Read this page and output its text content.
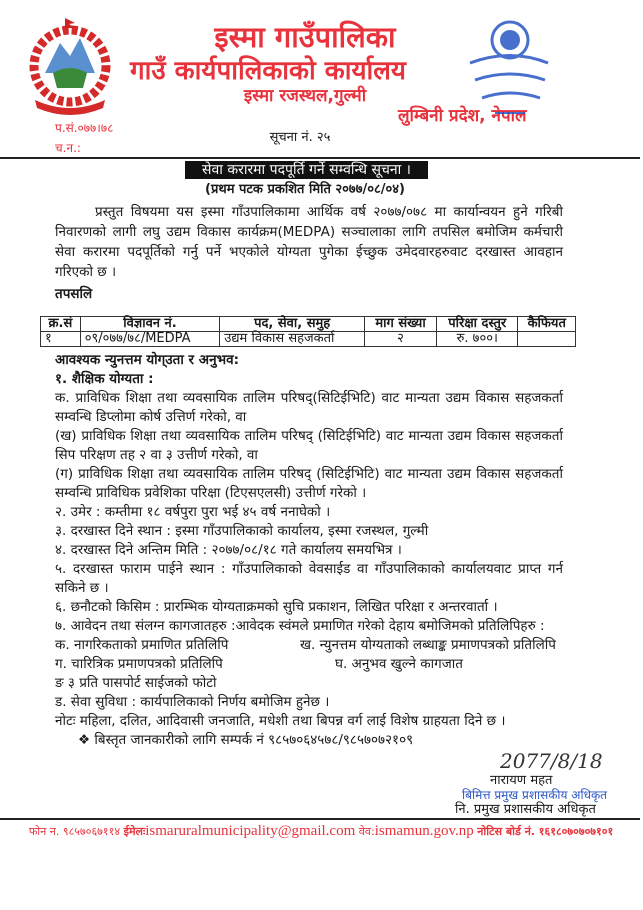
इस्मा गाउँपालिका
गाउँ कार्यपालिकाको कार्यालय
इस्मा रजस्थल,गुल्मी
लुम्बिनी प्रदेश, नेपाल
प.सं.०७७।७८
च.न.:
सूचना नं. २५
सेवा करारमा पदपूर्ति गर्ने सम्वन्धि सूचना ।
(प्रथम पटक प्रकशित मिति २०७७/०८/०४)
प्रस्तुत विषयमा यस इस्मा गाँउपालिकामा आर्थिक वर्ष २०७७/०७८ मा कार्यान्वयन हुने गरिबी निवारणको लागी लघु उद्यम विकास कार्यक्रम(MEDPA) सञ्चालाका लागि तपसिल बमोजिम कर्मचारी सेवा करारमा पदपूर्तिको गर्नु पर्ने भएकोले योग्यता पुगेका ईच्छुक उमेदवारहरुवाट दरखास्त आवहान गरिएको छ ।
तपसलि
क्र.सं	विज्ञावन नं.	पद, सेवा, समुह	माग संख्या	परिक्षा दस्तुर	कैफियत
१	०९/०७७/७८/MEDPA	उद्यम विकास सहजकर्ता	२	रु. ७००।	
आवश्यक न्युनत्तम योग्उता र अनुभव:
१. शैक्षिक योग्यता :
क. प्राविधिक शिक्षा तथा व्यवसायिक तालिम परिषद्(सिटिईभिटि) वाट मान्यता उद्यम विकास सहजकर्ता सम्वन्धि डिप्लोमा कोर्ष उत्तिर्ण गरेको, वा
(ख) प्राविधिक शिक्षा तथा व्यवसायिक तालिम परिषद् (सिटिईभिटि) वाट मान्यता उद्यम विकास सहजकर्ता सिप परिक्षण तह २ वा ३ उत्तीर्ण गरेको, वा
(ग) प्राविधिक शिक्षा तथा व्यवसायिक तालिम परिषद् (सिटिईभिटि) वाट मान्यता उद्यम विकास सहजकर्ता सम्वन्धि प्राविधिक प्रवेशिका परिक्षा (टिएसएलसी) उत्तीर्ण गरेको ।
२. उमेर : कम्तीमा १८ वर्षपुरा पुरा भई ४५ वर्ष ननाघेको ।
३. दरखास्त दिने स्थान : इस्मा गाँउपालिकाको कार्यालय, इस्मा रजस्थल, गुल्मी
४. दरखास्त दिने अन्तिम मिति : २०७७/०८/१८ गते कार्यालय समयभित्र ।
५. दरखास्त फाराम पाईने स्थान : गाँउपालिकाको वेवसाईड वा गाँउपालिकाको कार्यालयवाट प्राप्त गर्न सकिने छ ।
६. छनौटको किसिम : प्रारम्भिक योग्यताक्रमको सुचि प्रकाशन, लिखित परिक्षा र अन्तरवार्ता ।
७. आवेदन तथा संलग्न कागजातहरु :आवेदक स्वंमले प्रमाणित गरेको देहाय बमोजिमको प्रतिलिपिहरु :
क. नागरिकताको प्रमाणित प्रतिलिपि	ख. न्युनत्तम योग्यताको लब्धाङ्क प्रमाणपत्रको प्रतिलिपि
ग. चारित्रिक प्रमाणपत्रको प्रतिलिपि	घ. अनुभव खुल्ने कागजात
ङ ३ प्रति पासपोर्ट साईजको फोटो
ड. सेवा सुविधा : कार्यपालिकाको निर्णय बमोजिम हुनेछ ।
नोटः महिला, दलित, आदिवासी जनजाति, मधेशी तथा बिपन्न वर्ग लाई विशेष ग्राहयता दिने छ ।
❖ बिस्तृत जानकारीको लागि सम्पर्क नं ९८५७०६४५७८/९८५७०७२१०९
2077/8/18
नारायण महत
बिमित्त प्रमुख प्रशासकीय अधिकृत
नि. प्रमुख प्रशासकीय अधिकृत
फोन न. ९८५७०६७११४ ईमेलःismaruralmunicipality@gmail.com वेव:ismamun.gov.np नोटिस बोर्ड नं. १६१८०७०७०७१०१
